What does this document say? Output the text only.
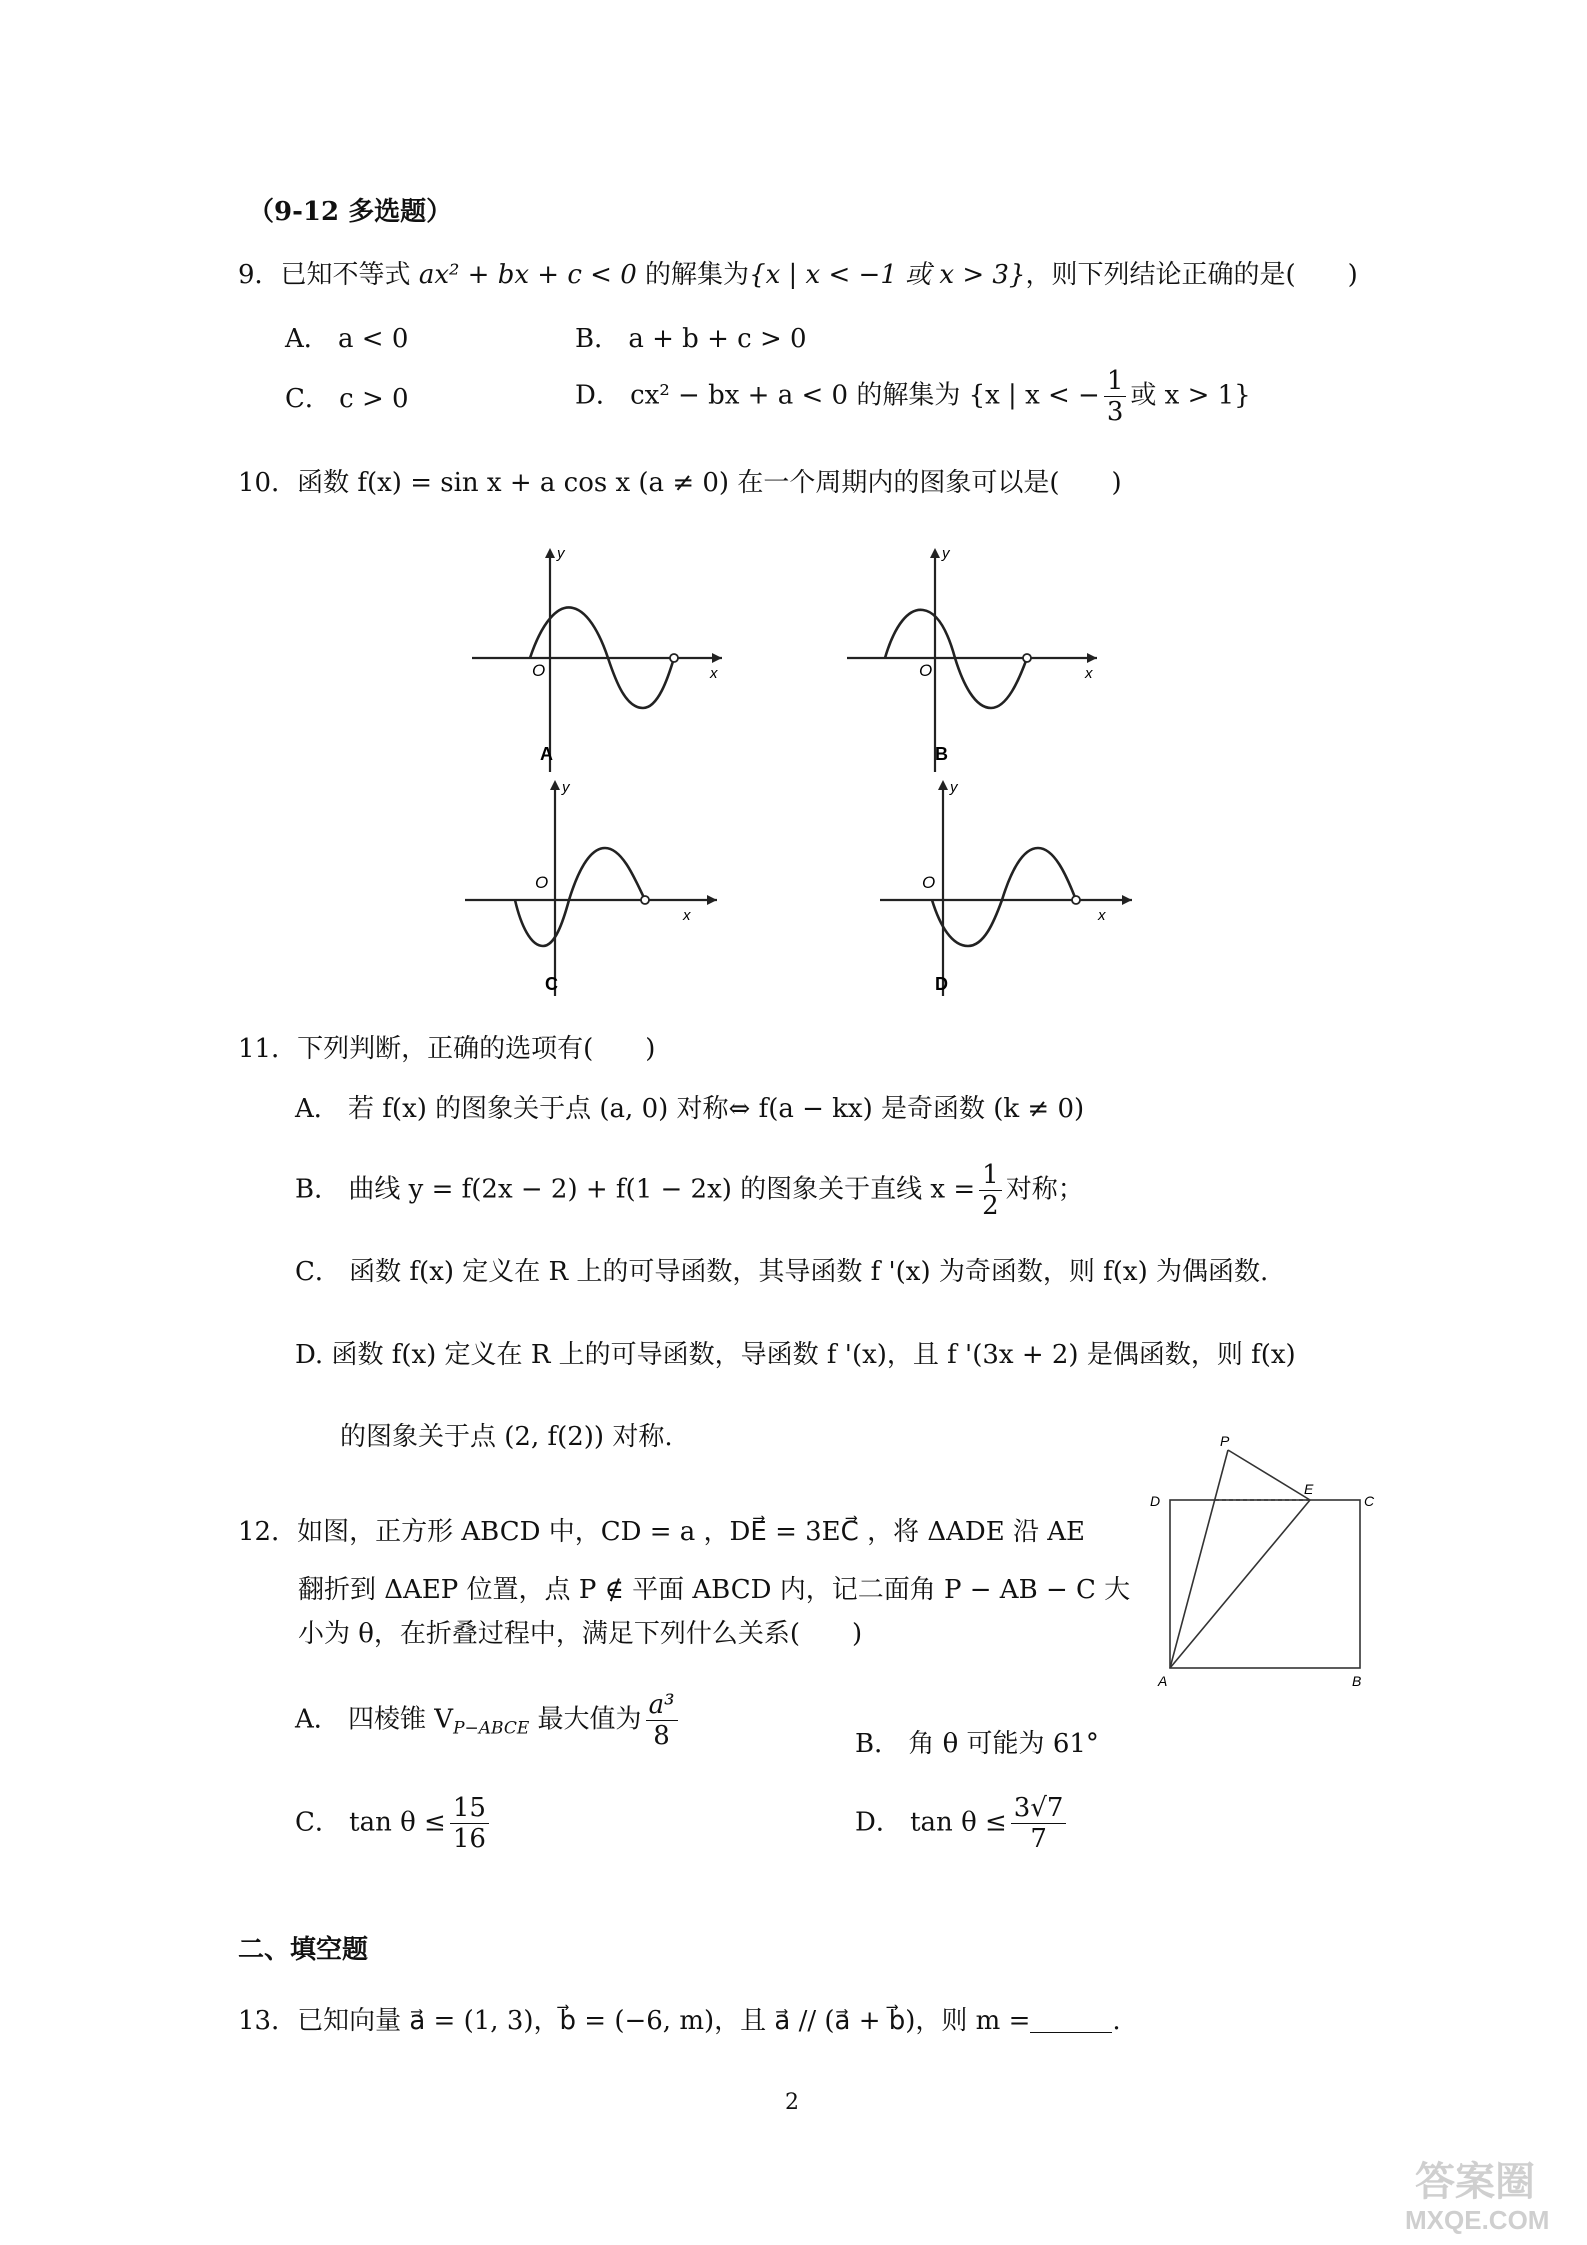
（9-12 多选题）
9．已知不等式 ax² + bx + c < 0 的解集为{x | x < −1 或 x > 3}，则下列结论正确的是(　　)
A． a < 0	B． a + b + c > 0
C． c > 0	D． cx² − bx + a < 0 的解集为 {x | x < − $\frac{1}{3}$ 或 x > 1}
10．函数 f(x) = sin x + a cos x (a ≠ 0) 在一个周期内的图象可以是(　　)
O
y
x
A
O
y
x
B
O
y
x
C
O
y
x
D
11．下列判断，正确的选项有(　　)
A． 若 f(x) 的图象关于点 (a, 0) 对称⇔ f(a − kx) 是奇函数 (k ≠ 0)
B． 曲线 y = f(2x − 2) + f(1 − 2x) 的图象关于直线 $x = \frac{1}{2}$ 对称；
C． 函数 f(x) 定义在 R 上的可导函数，其导函数 f '(x) 为奇函数，则 f(x) 为偶函数.
D. 函数 f(x) 定义在 R 上的可导函数，导函数 f '(x)，且 f '(3x + 2) 是偶函数，则 f(x)
的图象关于点 (2, f(2)) 对称.
12．如图，正方形 ABCD 中，CD = a ，DE⃗ = 3EC⃗ ，将 ΔADE 沿 AE
翻折到 ΔAEP 位置，点 P ∉ 平面 ABCD 内，记二面角 P − AB − C 大
小为 θ，在折叠过程中，满足下列什么关系(　　)
P
D
E
C
A	B
A． 四棱锥 $V_{P-ABCE}$ 最大值为 $\frac{\text{a³}}{8}$	B． 角 θ 可能为 61°
C． $\tan \theta \le \frac{15}{16}$	D． $\tan \theta \le \frac{3√7}{7}$
二、填空题
13．已知向量 a⃗ = (1, 3)，b⃗ = (−6, m)，且 a⃗ // (a⃗ + b⃗)，则 m =	.
2
答案圈
MXQE.COM
